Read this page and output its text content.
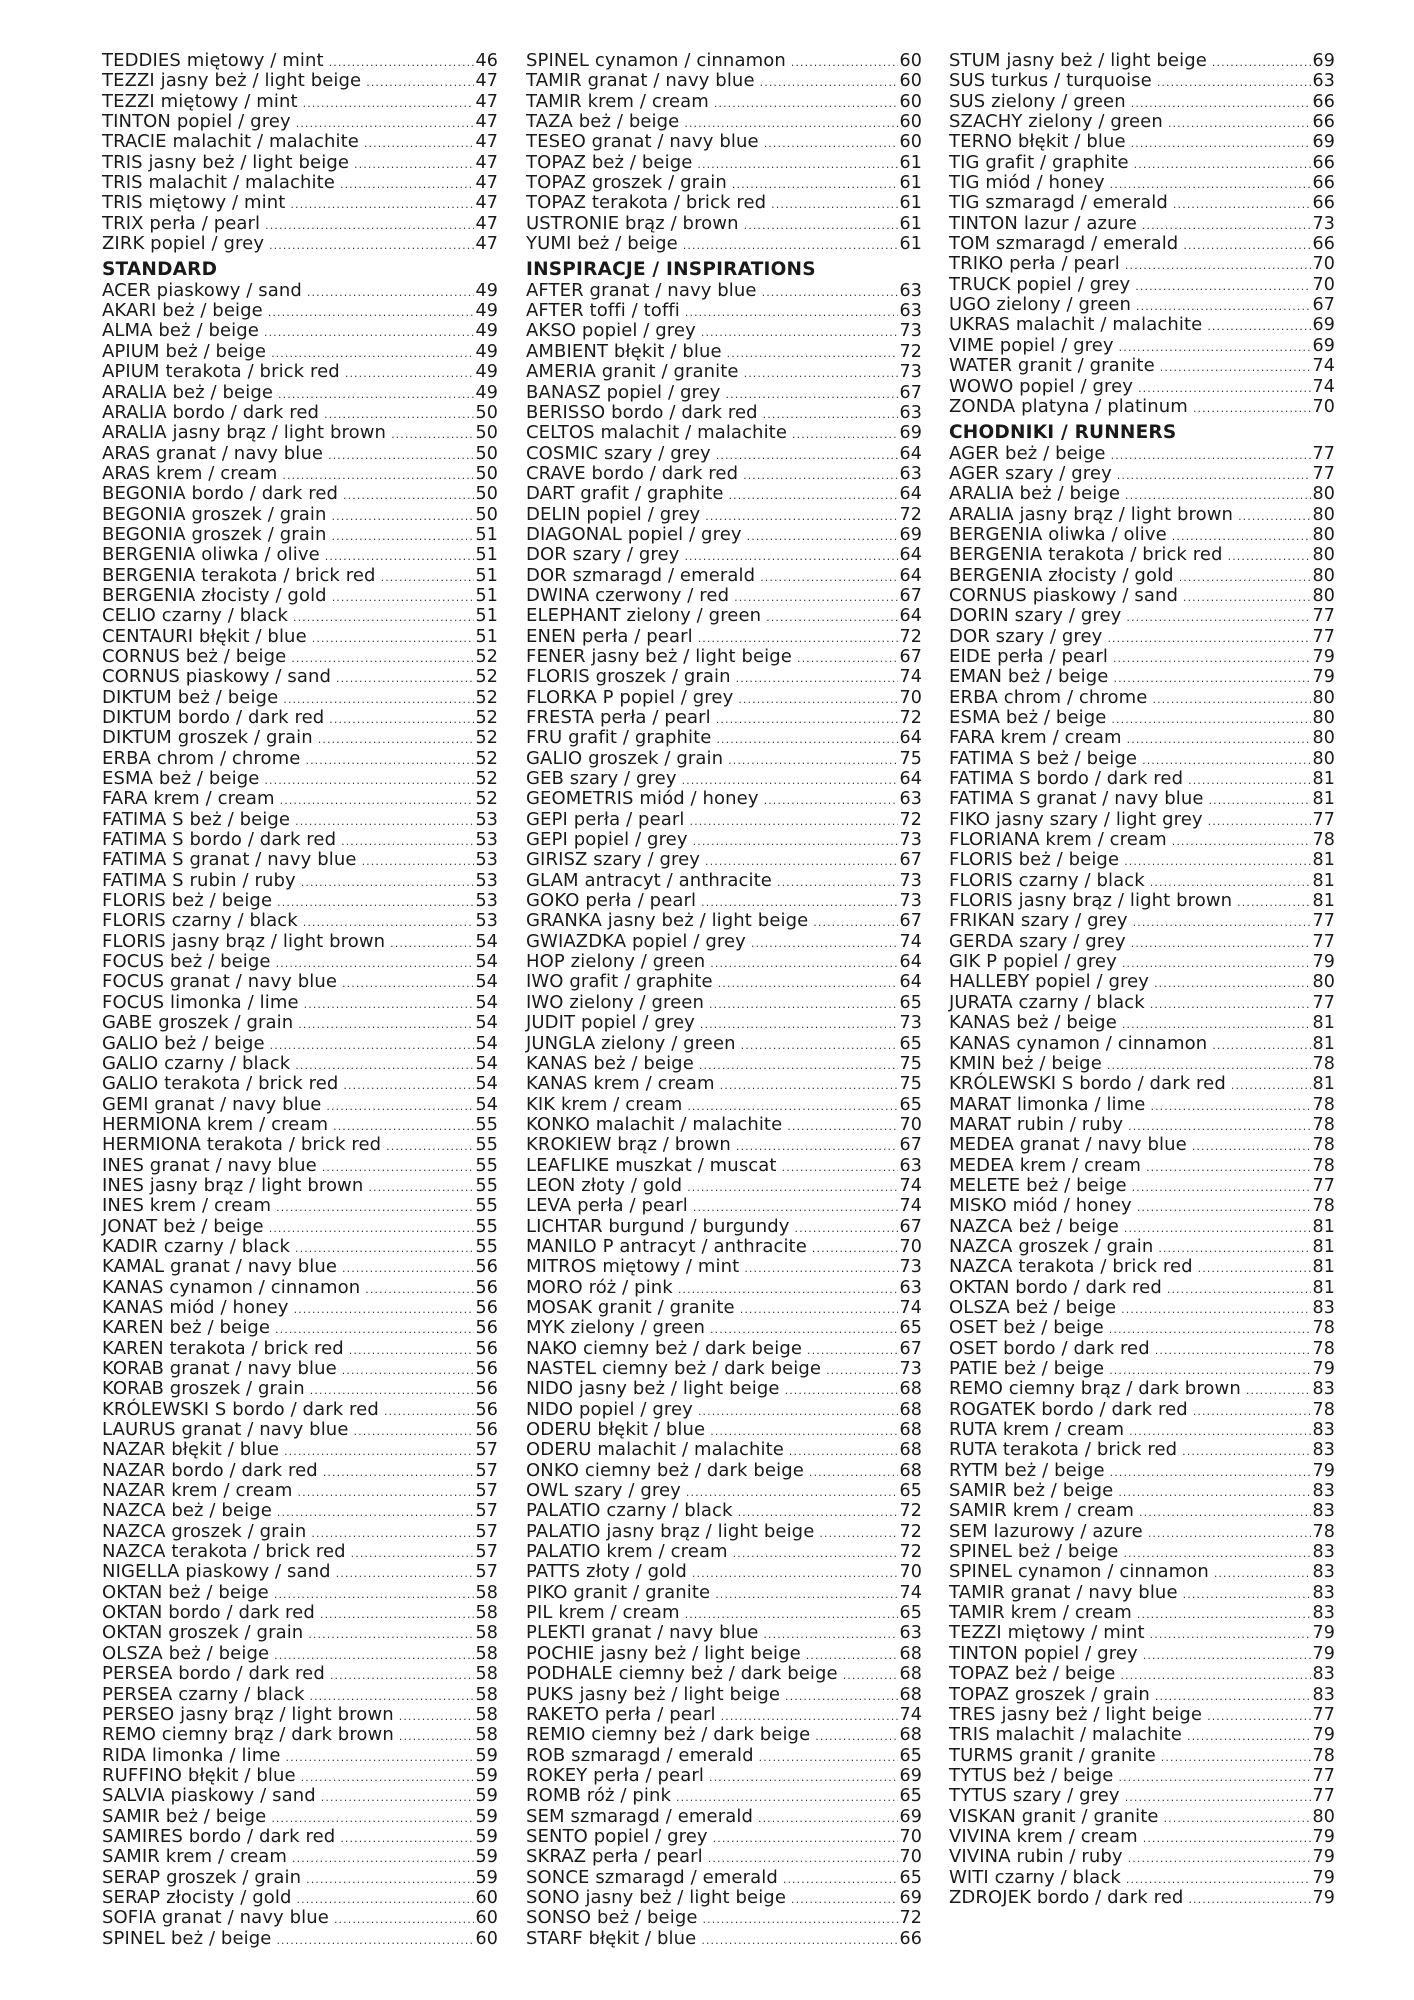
TEDDIES miętowy / mint .....	46
TEZZI jasny beż / light beige .....	47
TEZZI miętowy / mint .....	47
TINTON popiel / grey .....	47
TRACIE malachit / malachite .....	47
TRIS jasny beż / light beige .....	47
TRIS malachit / malachite .....	47
TRIS miętowy / mint .....	47
TRIX perła / pearl .....	47
ZIRK popiel / grey .....	47
STANDARD
ACER piaskowy / sand .....	49
AKARI beż / beige .....	49
ALMA beż / beige .....	49
APIUM beż / beige .....	49
APIUM terakota / brick red .....	49
ARALIA beż / beige .....	49
ARALIA bordo / dark red .....	50
ARALIA jasny brąz / light brown .....	50
ARAS granat / navy blue .....	50
ARAS krem / cream .....	50
BEGONIA bordo / dark red .....	50
BEGONIA groszek / grain .....	50
BEGONIA groszek / grain .....	51
BERGENIA oliwka / olive .....	51
BERGENIA terakota / brick red .....	51
BERGENIA złocisty / gold .....	51
CELIO czarny / black .....	51
CENTAURI błękit / blue .....	51
CORNUS beż / beige .....	52
CORNUS piaskowy / sand .....	52
DIKTUM beż / beige .....	52
DIKTUM bordo / dark red .....	52
DIKTUM groszek / grain .....	52
ERBA chrom / chrome .....	52
ESMA beż / beige .....	52
FARA krem / cream .....	52
FATIMA S beż / beige .....	53
FATIMA S bordo / dark red .....	53
FATIMA S granat / navy blue .....	53
FATIMA S rubin / ruby .....	53
FLORIS beż / beige .....	53
FLORIS czarny / black .....	53
FLORIS jasny brąz / light brown .....	54
FOCUS beż / beige .....	54
FOCUS granat / navy blue .....	54
FOCUS limonka / lime .....	54
GABE groszek / grain .....	54
GALIO beż / beige .....	54
GALIO czarny / black .....	54
GALIO terakota / brick red .....	54
GEMI granat / navy blue .....	54
HERMIONA krem / cream .....	55
HERMIONA terakota / brick red .....	55
INES granat / navy blue .....	55
INES jasny brąz / light brown .....	55
INES krem / cream .....	55
JONAT beż / beige .....	55
KADIR czarny / black .....	55
KAMAL granat / navy blue .....	56
KANAS cynamon / cinnamon .....	56
KANAS miód / honey .....	56
KAREN beż / beige .....	56
KAREN terakota / brick red .....	56
KORAB granat / navy blue .....	56
KORAB groszek / grain .....	56
KRÓLEWSKI S bordo / dark red .....	56
LAURUS granat / navy blue .....	56
NAZAR błękit / blue .....	57
NAZAR bordo / dark red .....	57
NAZAR krem / cream .....	57
NAZCA beż / beige .....	57
NAZCA groszek / grain .....	57
NAZCA terakota / brick red .....	57
NIGELLA piaskowy / sand .....	57
OKTAN beż / beige .....	58
OKTAN bordo / dark red .....	58
OKTAN groszek / grain .....	58
OLSZA beż / beige .....	58
PERSEA bordo / dark red .....	58
PERSEA czarny / black .....	58
PERSEO jasny brąz / light brown .....	58
REMO ciemny brąz / dark brown .....	58
RIDA limonka / lime .....	59
RUFFINO błękit / blue .....	59
SALVIA piaskowy / sand .....	59
SAMIR beż / beige .....	59
SAMIRES bordo / dark red .....	59
SAMIR krem / cream .....	59
SERAP groszek / grain .....	59
SERAP złocisty / gold .....	60
SOFIA granat / navy blue .....	60
SPINEL beż / beige .....	60
SPINEL cynamon / cinnamon .....	60
TAMIR granat / navy blue .....	60
TAMIR krem / cream .....	60
TAZA beż / beige .....	60
TESEO granat / navy blue .....	60
TOPAZ beż / beige .....	61
TOPAZ groszek / grain .....	61
TOPAZ terakota / brick red .....	61
USTRONIE brąz / brown .....	61
YUMI beż / beige .....	61
INSPIRACJE / INSPIRATIONS
AFTER granat / navy blue .....	63
AFTER toffi / toffi .....	63
AKSO popiel / grey .....	73
AMBIENT błękit / blue .....	72
AMERIA granit / granite .....	73
BANASZ popiel / grey .....	67
BERISSO bordo / dark red .....	63
CELTOS malachit / malachite .....	69
COSMIC szary / grey .....	64
CRAVE bordo / dark red .....	63
DART grafit / graphite .....	64
DELIN popiel / grey .....	72
DIAGONAL popiel / grey .....	69
DOR szary / grey .....	64
DOR szmaragd / emerald .....	64
DWINA czerwony / red .....	67
ELEPHANT zielony / green .....	64
ENEN perła / pearl .....	72
FENER jasny beż / light beige .....	67
FLORIS groszek / grain .....	74
FLORKA P popiel / grey .....	70
FRESTA perła / pearl .....	72
FRU grafit / graphite .....	64
GALIO groszek / grain .....	75
GEB szary / grey .....	64
GEOMETRIS miód / honey .....	63
GEPI perła / pearl .....	72
GEPI popiel / grey .....	73
GIRISZ szary / grey .....	67
GLAM antracyt / anthracite .....	73
GOKO perła / pearl .....	73
GRANKA jasny beż / light beige .....	67
GWIAZDKA popiel / grey .....	74
HOP zielony / green .....	64
IWO grafit / graphite .....	64
IWO zielony / green .....	65
JUDIT popiel / grey .....	73
JUNGLA zielony / green .....	65
KANAS beż / beige .....	75
KANAS krem / cream .....	75
KIK krem / cream .....	65
KONKO malachit / malachite .....	70
KROKIEW brąz / brown .....	67
LEAFLIKE muszkat / muscat .....	63
LEON złoty / gold .....	74
LEVA perła / pearl .....	74
LICHTAR burgund / burgundy .....	67
MANILO P antracyt / anthracite .....	70
MITROS miętowy / mint .....	73
MORO róż / pink .....	63
MOSAK granit / granite .....	74
MYK zielony / green .....	65
NAKO ciemny beż / dark beige .....	67
NASTEL ciemny beż / dark beige .....	73
NIDO jasny beż / light beige .....	68
NIDO popiel / grey .....	68
ODERU błękit / blue .....	68
ODERU malachit / malachite .....	68
ONKO ciemny beż / dark beige .....	68
OWL szary / grey .....	65
PALATIO czarny / black .....	72
PALATIO jasny brąz / light beige .....	72
PALATIO krem / cream .....	72
PATTS złoty / gold .....	70
PIKO granit / granite .....	74
PIL krem / cream .....	65
PLEKTI granat / navy blue .....	63
POCHIE jasny beż / light beige .....	68
PODHALE ciemny beż / dark beige .....	68
PUKS jasny beż / light beige .....	68
RAKETO perła / pearl .....	74
REMIO ciemny beż / dark beige .....	68
ROB szmaragd / emerald .....	65
ROKEY perła / pearl .....	69
ROMB róż / pink .....	65
SEM szmaragd / emerald .....	69
SENTO popiel / grey .....	70
SKRAZ perła / pearl .....	70
SONCE szmaragd / emerald .....	65
SONO jasny beż / light beige .....	69
SONSO beż / beige .....	72
STARF błękit / blue .....	66
STUM jasny beż / light beige .....	69
SUS turkus / turquoise .....	63
SUS zielony / green .....	66
SZACHY zielony / green .....	66
TERNO błękit / blue .....	69
TIG grafit / graphite .....	66
TIG miód / honey .....	66
TIG szmaragd / emerald .....	66
TINTON lazur / azure .....	73
TOM szmaragd / emerald .....	66
TRIKO perła / pearl .....	70
TRUCK popiel / grey .....	70
UGO zielony / green .....	67
UKRAS malachit / malachite .....	69
VIME popiel / grey .....	69
WATER granit / granite .....	74
WOWO popiel / grey .....	74
ZONDA platyna / platinum .....	70
CHODNIKI / RUNNERS
AGER beż / beige .....	77
AGER szary / grey .....	77
ARALIA beż / beige .....	80
ARALIA jasny brąz / light brown .....	80
BERGENIA oliwka / olive .....	80
BERGENIA terakota / brick red .....	80
BERGENIA złocisty / gold .....	80
CORNUS piaskowy / sand .....	80
DORIN szary / grey .....	77
DOR szary / grey .....	77
EIDE perła / pearl .....	79
EMAN beż / beige .....	79
ERBA chrom / chrome .....	80
ESMA beż / beige .....	80
FARA krem / cream .....	80
FATIMA S beż / beige .....	80
FATIMA S bordo / dark red .....	81
FATIMA S granat / navy blue .....	81
FIKO jasny szary / light grey .....	77
FLORIANA krem / cream .....	78
FLORIS beż / beige .....	81
FLORIS czarny / black .....	81
FLORIS jasny brąz / light brown .....	81
FRIKAN szary / grey .....	77
GERDA szary / grey .....	77
GIK P popiel / grey .....	79
HALLEBY popiel / grey .....	80
JURATA czarny / black .....	77
KANAS beż / beige .....	81
KANAS cynamon / cinnamon .....	81
KMIN beż / beige .....	78
KRÓLEWSKI S bordo / dark red .....	81
MARAT limonka / lime .....	78
MARAT rubin / ruby .....	78
MEDEA granat / navy blue .....	78
MEDEA krem / cream .....	78
MELETE beż / beige .....	77
MISKO miód / honey .....	78
NAZCA beż / beige .....	81
NAZCA groszek / grain .....	81
NAZCA terakota / brick red .....	81
OKTAN bordo / dark red .....	81
OLSZA beż / beige .....	83
OSET beż / beige .....	78
OSET bordo / dark red .....	78
PATIE beż / beige .....	79
REMO ciemny brąz / dark brown .....	83
ROGATEK bordo / dark red .....	78
RUTA krem / cream .....	83
RUTA terakota / brick red .....	83
RYTM beż / beige .....	79
SAMIR beż / beige .....	83
SAMIR krem / cream .....	83
SEM lazurowy / azure .....	78
SPINEL beż / beige .....	83
SPINEL cynamon / cinnamon .....	83
TAMIR granat / navy blue .....	83
TAMIR krem / cream .....	83
TEZZI miętowy / mint .....	79
TINTON popiel / grey .....	79
TOPAZ beż / beige .....	83
TOPAZ groszek / grain .....	83
TRES jasny beż / light beige .....	77
TRIS malachit / malachite .....	79
TURMS granit / granite .....	78
TYTUS beż / beige .....	77
TYTUS szary / grey .....	77
VISKAN granit / granite .....	80
VIVINA krem / cream .....	79
VIVINA rubin / ruby .....	79
WITI czarny / black .....	79
ZDROJEK bordo / dark red .....	79
